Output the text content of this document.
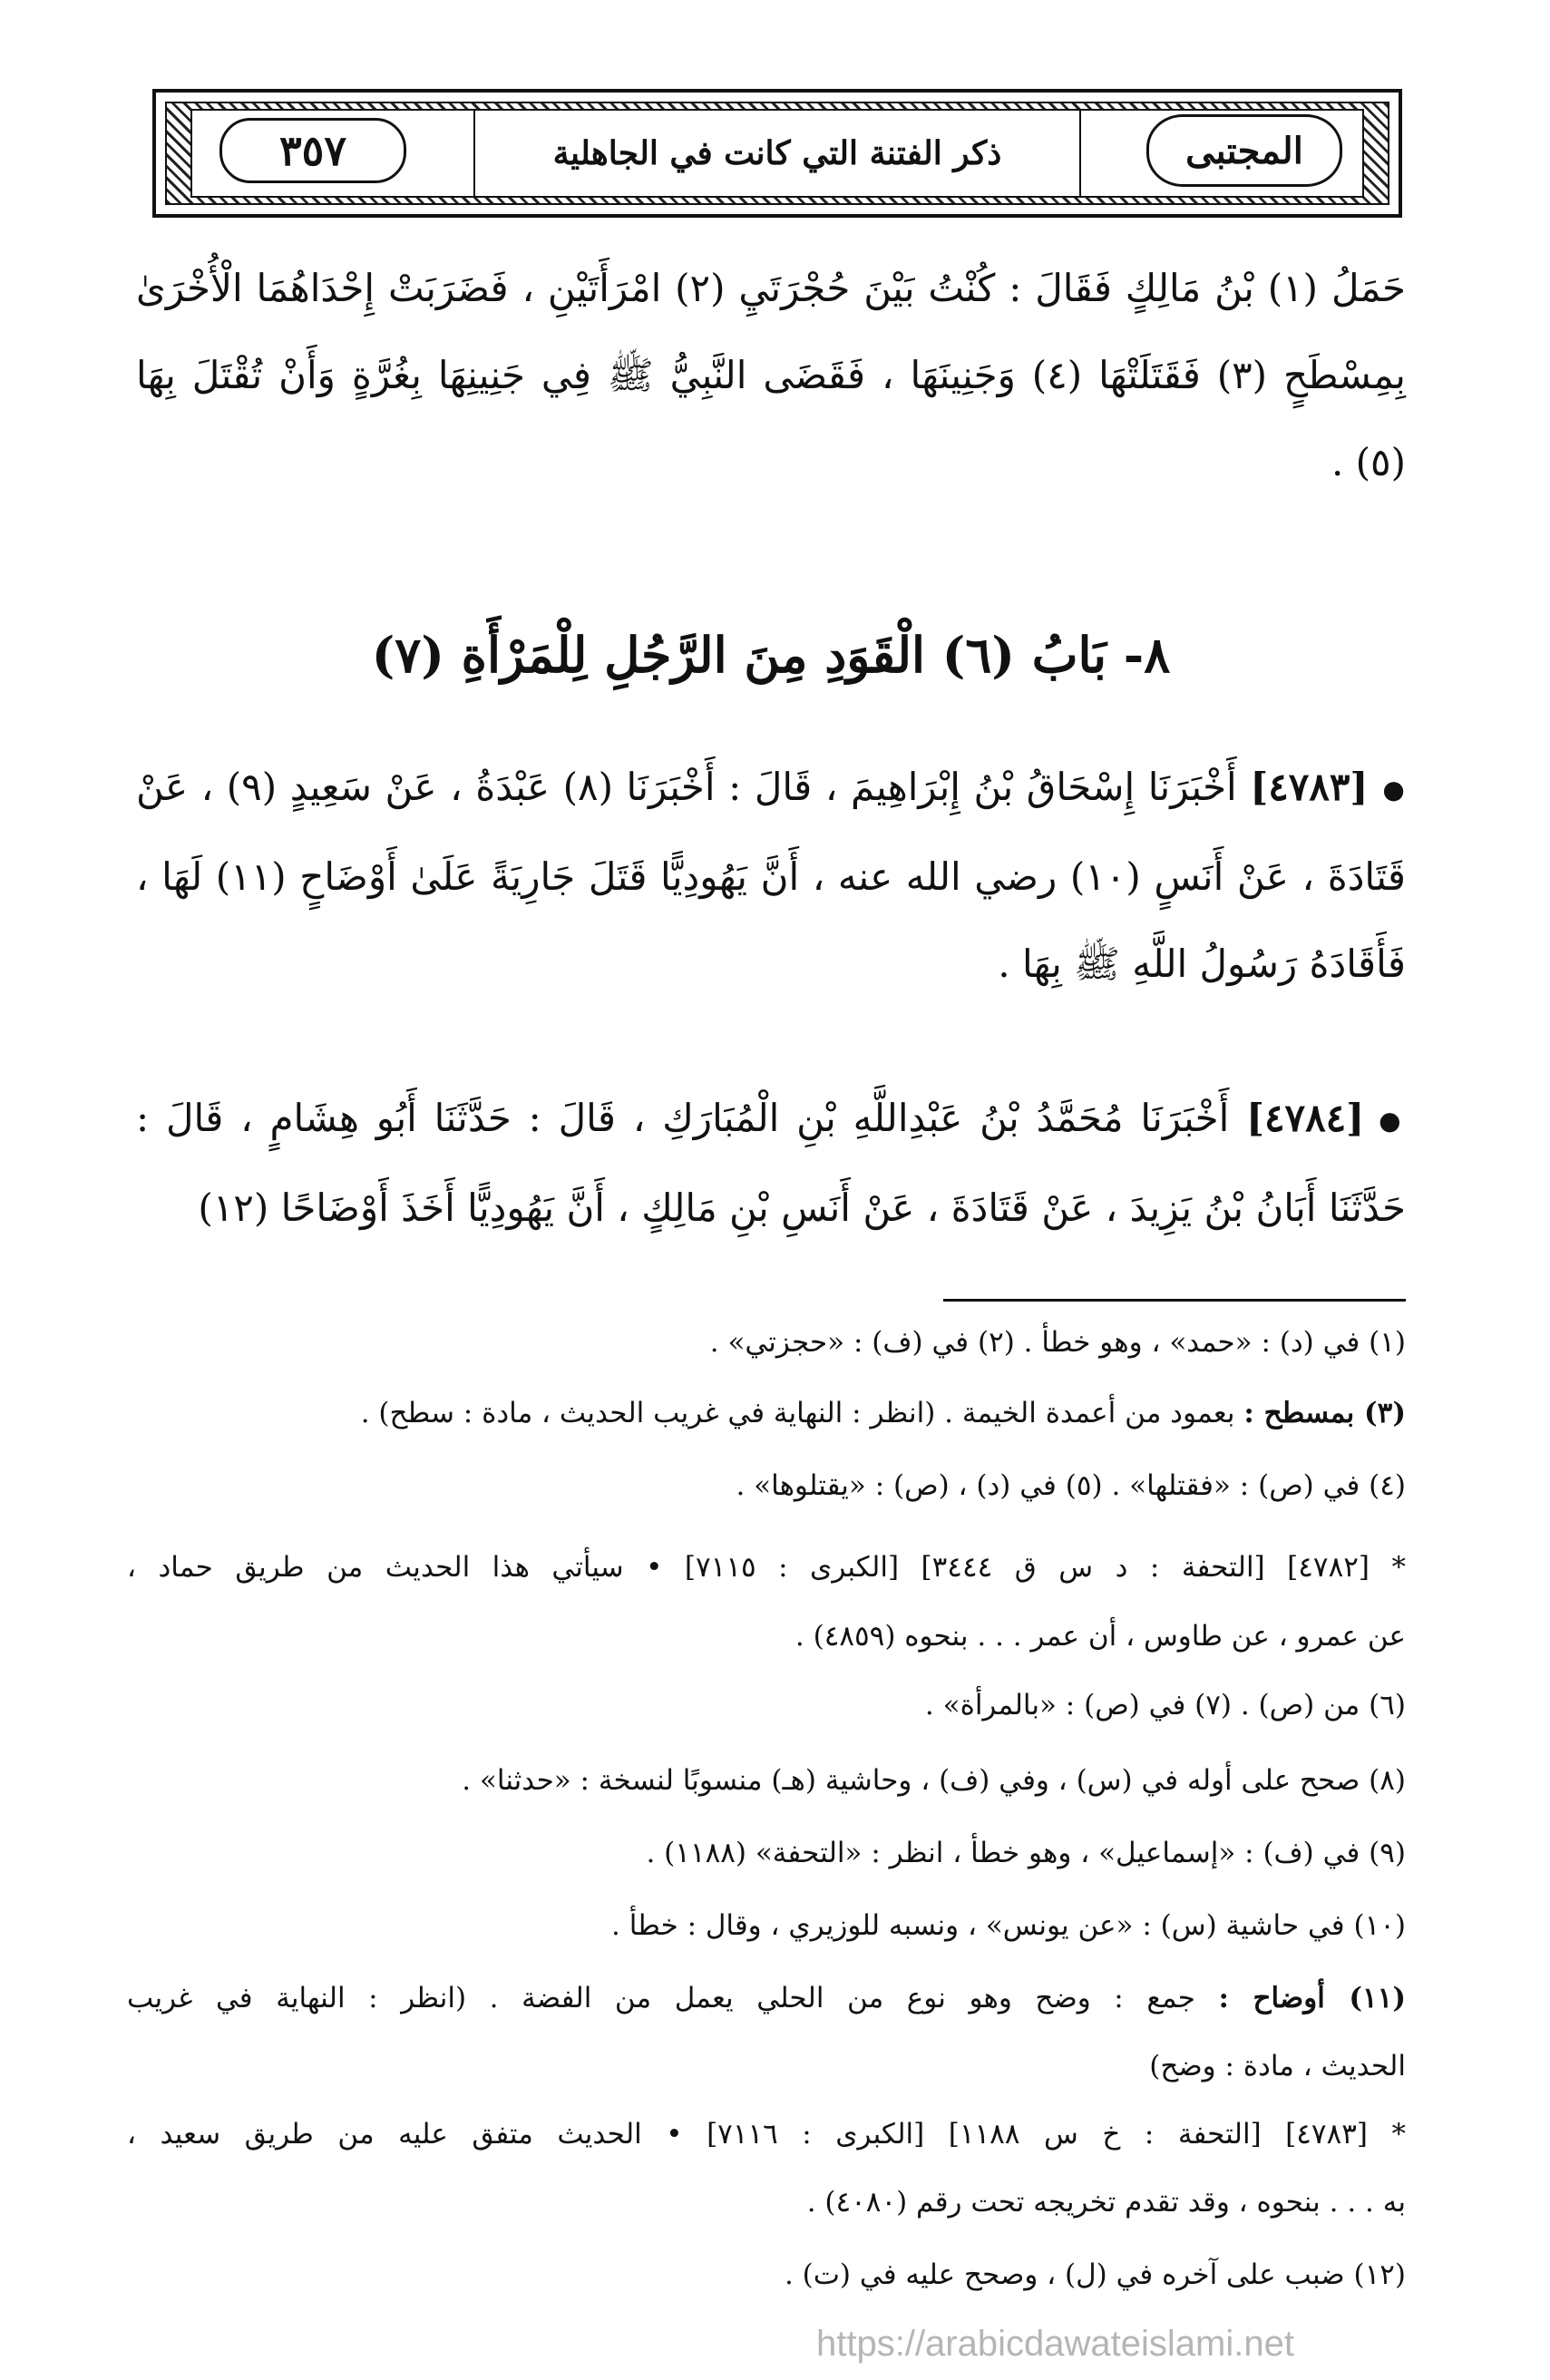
٣٥٧	ذكر الفتنة التي كانت في الجاهلية	المجتبى
حَمَلُ (١) بْنُ مَالِكٍ فَقَالَ : كُنْتُ بَيْنَ حُجْرَتَيِ (٢) امْرَأَتَيْنِ ، فَضَرَبَتْ إِحْدَاهُمَا الْأُخْرَىٰ بِمِسْطَحٍ (٣) فَقَتَلَتْهَا (٤) وَجَنِينَهَا ، فَقَضَى النَّبِيُّ ﷺ فِي جَنِينِهَا بِغُرَّةٍ وَأَنْ تُقْتَلَ بِهَا (٥) .
٨- بَابُ (٦) الْقَوَدِ مِنَ الرَّجُلِ لِلْمَرْأَةِ (٧)
●[٤٧٨٣] أَخْبَرَنَا إِسْحَاقُ بْنُ إِبْرَاهِيمَ ، قَالَ : أَخْبَرَنَا (٨) عَبْدَةُ ، عَنْ سَعِيدٍ (٩) ، عَنْ قَتَادَةَ ، عَنْ أَنَسٍ (١٠) رضي الله عنه ، أَنَّ يَهُودِيًّا قَتَلَ جَارِيَةً عَلَىٰ أَوْضَاحٍ (١١) لَهَا ، فَأَقَادَهُ رَسُولُ اللَّهِ ﷺ بِهَا .
●[٤٧٨٤] أَخْبَرَنَا مُحَمَّدُ بْنُ عَبْدِاللَّهِ بْنِ الْمُبَارَكِ ، قَالَ : حَدَّثَنَا أَبُو هِشَامٍ ، قَالَ : حَدَّثَنَا أَبَانُ بْنُ يَزِيدَ ، عَنْ قَتَادَةَ ، عَنْ أَنَسِ بْنِ مَالِكٍ ، أَنَّ يَهُودِيًّا أَخَذَ أَوْضَاحًا (١٢)
(١) في (د) : «حمد» ، وهو خطأ . (٢) في (ف) : «حجزتي» .
(٣) بمسطح : بعمود من أعمدة الخيمة . (انظر : النهاية في غريب الحديث ، مادة : سطح) .
(٤) في (ص) : «فقتلها» . (٥) في (د) ، (ص) : «يقتلوها» .
* [٤٧٨٢] [التحفة : د س ق ٣٤٤٤] [الكبرى : ٧١١٥] • سيأتي هذا الحديث من طريق حماد ،
عن عمرو ، عن طاوس ، أن عمر . . . بنحوه (٤٨٥٩) .
(٦) من (ص) . (٧) في (ص) : «بالمرأة» .
(٨) صحح على أوله في (س) ، وفي (ف) ، وحاشية (هـ) منسوبًا لنسخة : «حدثنا» .
(٩) في (ف) : «إسماعيل» ، وهو خطأ ، انظر : «التحفة» (١١٨٨) .
(١٠) في حاشية (س) : «عن يونس» ، ونسبه للوزيري ، وقال : خطأ .
(١١) أوضاح : جمع : وضح وهو نوع من الحلي يعمل من الفضة . (انظر : النهاية في غريب
الحديث ، مادة : وضح)
* [٤٧٨٣] [التحفة : خ س ١١٨٨] [الكبرى : ٧١١٦] • الحديث متفق عليه من طريق سعيد ،
به . . . بنحوه ، وقد تقدم تخريجه تحت رقم (٤٠٨٠) .
(١٢) ضبب على آخره في (ل) ، وصحح عليه في (ت) .
https://arabicdawateislami.net
